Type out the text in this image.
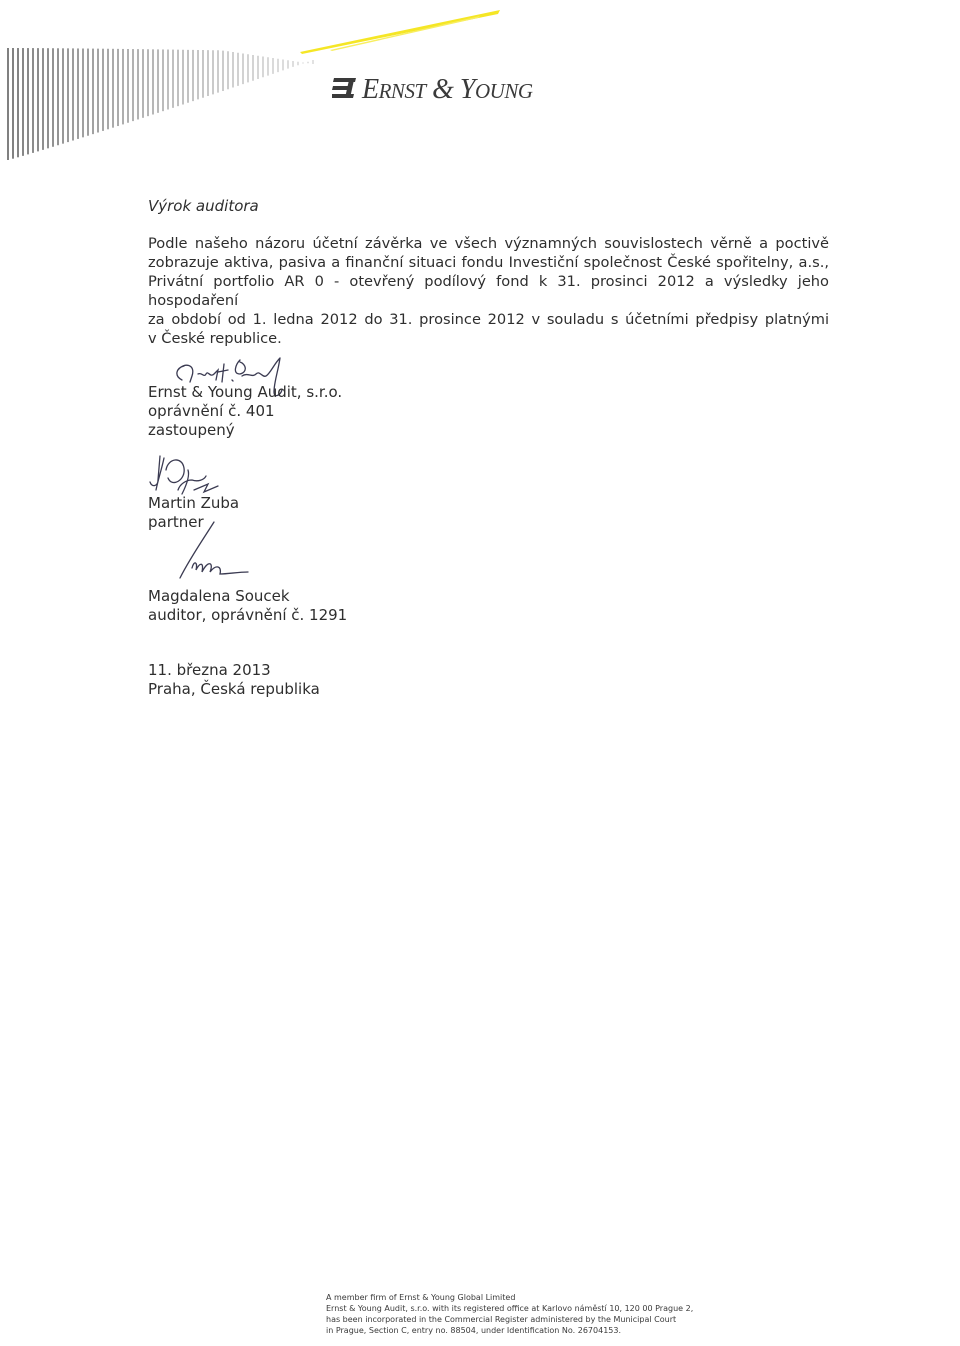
ERNST & YOUNG
Výrok auditora
Podle našeho názoru účetní závěrka ve všech významných souvislostech věrně a poctivě
zobrazuje aktiva, pasiva a finanční situaci fondu Investiční společnost České spořitelny, a.s.,
Privátní portfolio AR 0 - otevřený podílový fond k 31. prosinci 2012 a výsledky jeho hospodaření
za období od 1. ledna 2012 do 31. prosince 2012 v souladu s účetními předpisy platnými
v České republice.
Ernst & Young Audit, s.r.o.
oprávnění č. 401
zastoupený
Martin Zuba
partner
Magdalena Soucek
auditor, oprávnění č. 1291
11. března 2013
Praha, Česká republika
A member firm of Ernst & Young Global Limited
Ernst & Young Audit, s.r.o. with its registered office at Karlovo náměstí 10, 120 00 Prague 2,
has been incorporated in the Commercial Register administered by the Municipal Court
in Prague, Section C, entry no. 88504, under Identification No. 26704153.
